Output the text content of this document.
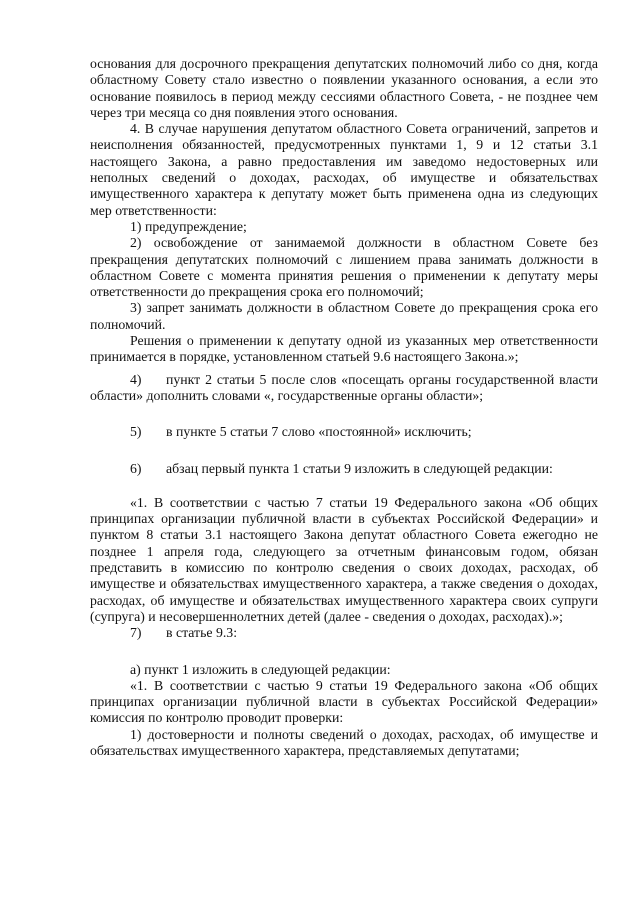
основания для досрочного прекращения депутатских полномочий либо со дня, когда областному Совету стало известно о появлении указанного основания, а если это основание появилось в период между сессиями областного Совета, - не позднее чем через три месяца со дня появления этого основания.

4. В случае нарушения депутатом областного Совета ограничений, запретов и неисполнения обязанностей, предусмотренных пунктами 1, 9 и 12 статьи 3.1 настоящего Закона, а равно предоставления им заведомо недостоверных или неполных сведений о доходах, расходах, об имуществе и обязательствах имущественного характера к депутату может быть применена одна из следующих мер ответственности:

1) предупреждение;

2) освобождение от занимаемой должности в областном Совете без прекращения депутатских полномочий с лишением права занимать должности в областном Совете с момента принятия решения о применении к депутату меры ответственности до прекращения срока его полномочий;

3) запрет занимать должности в областном Совете до прекращения срока его полномочий.

Решения о применении к депутату одной из указанных мер ответственности принимается в порядке, установленном статьей 9.6 настоящего Закона.»;

4) пункт 2 статьи 5 после слов «посещать органы государственной власти области» дополнить словами «, государственные органы области»;

5) в пункте 5 статьи 7 слово «постоянной» исключить;

6) абзац первый пункта 1 статьи 9 изложить в следующей редакции:

«1. В соответствии с частью 7 статьи 19 Федерального закона «Об общих принципах организации публичной власти в субъектах Российской Федерации» и пунктом 8 статьи 3.1 настоящего Закона депутат областного Совета ежегодно не позднее 1 апреля года, следующего за отчетным финансовым годом, обязан представить в комиссию по контролю сведения о своих доходах, расходах, об имуществе и обязательствах имущественного характера, а также сведения о доходах, расходах, об имуществе и обязательствах имущественного характера своих супруги (супруга) и несовершеннолетних детей (далее - сведения о доходах, расходах).»;

7) в статье 9.3:

а) пункт 1 изложить в следующей редакции:

«1. В соответствии с частью 9 статьи 19 Федерального закона «Об общих принципах организации публичной власти в субъектах Российской Федерации» комиссия по контролю проводит проверки:

1) достоверности и полноты сведений о доходах, расходах, об имуществе и обязательствах имущественного характера, представляемых депутатами;
